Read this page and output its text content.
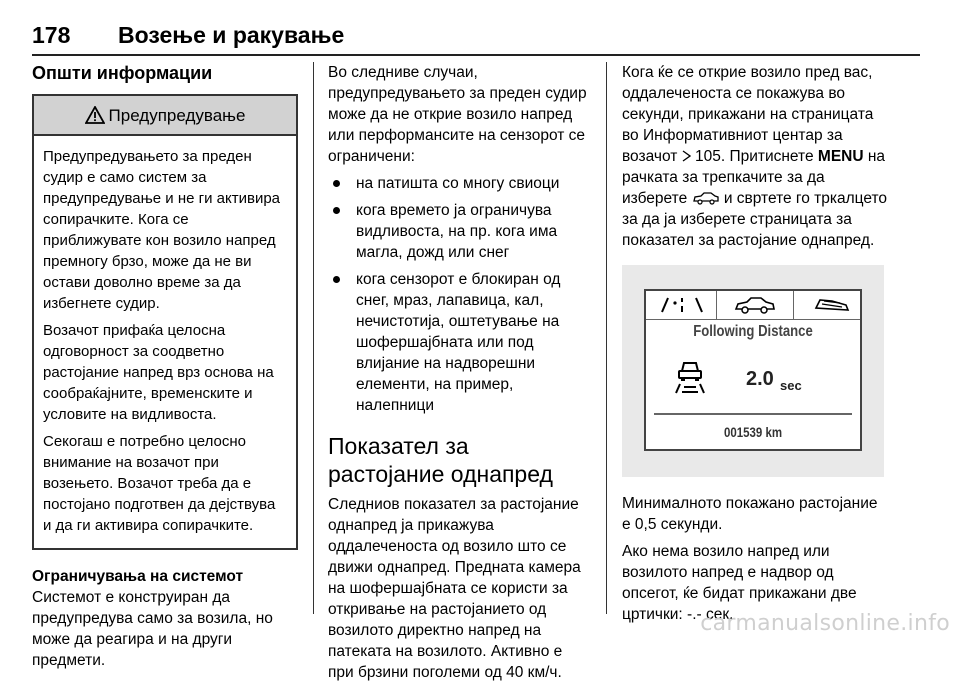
178 Возење и ракување
Општи информации
Предупредување

Предупредувањето за преден судир е само систем за предупредување и не ги активира сопирачките. Кога се приближувате кон возило напред премногу брзо, може да не ви остави доволно време за да избегнете судир.

Возачот прифаќа целосна одговорност за соодветно растојание напред врз основа на сообраќајните, временските и условите на видливоста.

Секогаш е потребно целосно внимание на возачот при возењето. Возачот треба да е постојано подготвен да дејствува и да ги активира сопирачките.

Ограничувања на системот

Системот е конструиран да предупредува само за возила, но може да реагира и на други предмети.

Во следниве случаи, предупредувањето за преден судир може да не открие возило напред или перформансите на сензорот се ограничени:

на патишта со многу свиоци
кога времето ја ограничува видливоста, на пр. кога има магла, дожд или снег
кога сензорот е блокиран од снег, мраз, лапавица, кал, нечистотија, оштетување на шофершајбната или под влијание на надворешни елементи, на пример, налепници
Показател за растојание однапред

Следниов показател за растојание однапред ја прикажува оддалеченоста од возило што се движи однапред. Предната камера на шофершајбната се користи за откривање на растојанието од возилото директно напред на патеката на возилото. Активно е при брзини поголеми од 40 км/ч.

Кога ќе се открие возило пред вас, оддалеченоста се покажува во секунди, прикажани на страницата во Информативниот центар за возачот  105. Притиснете MENU на рачката за трепкачите за да изберете и свртете го тркалцето за да ја изберете страницата за показател за растојание однапред.

Following Distance
2.0 sec
001539 km

Минималното покажано растојание е 0,5 секунди.

Ако нема возило напред или возилото напред е надвор од опсегот, ќе бидат прикажани две цртички: -.- сек.

carmanualsonline.info
